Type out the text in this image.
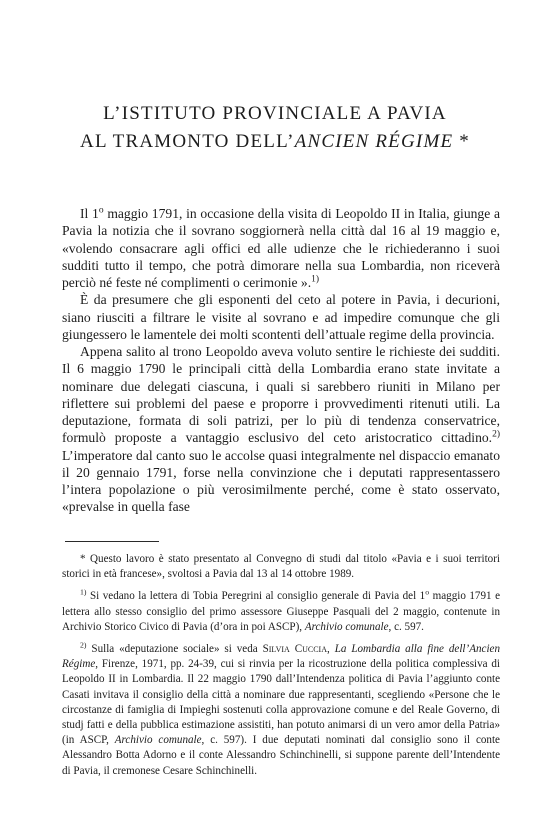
L’ISTITUTO PROVINCIALE A PAVIA
AL TRAMONTO DELL’ANCIEN RÉGIME *

Il 1$^o$ maggio 1791, in occasione della visita di Leopoldo II in Italia, giunge a Pavia la notizia che il sovrano soggiornerà nella città dal 16 al 19 maggio e, «volendo consacrare agli offici ed alle udienze che le richiederanno i suoi sudditi tutto il tempo, che potrà dimorare nella sua Lombardia, non riceverà perciò né feste né complimenti o cerimonie ».$^{1)}$

È da presumere che gli esponenti del ceto al potere in Pavia, i decurioni, siano riusciti a filtrare le visite al sovrano e ad impedire comunque che gli giungessero le lamentele dei molti scontenti dell’attuale regime della provincia.

Appena salito al trono Leopoldo aveva voluto sentire le richieste dei sudditi. Il 6 maggio 1790 le principali città della Lombardia erano state invitate a nominare due delegati ciascuna, i quali si sarebbero riuniti in Milano per riflettere sui problemi del paese e proporre i provvedimenti ritenuti utili. La deputazione, formata di soli patrizi, per lo più di tendenza conservatrice, formulò proposte a vantaggio esclusivo del ceto aristocratico cittadino.$^{2)}$ L’imperatore dal canto suo le accolse quasi integralmente nel dispaccio emanato il 20 gennaio 1791, forse nella convinzione che i deputati rappresentassero l’intera popolazione o più verosimilmente perché, come è stato osservato, «prevalse in quella fase

* Questo lavoro è stato presentato al Convegno di studi dal titolo «Pavia e i suoi territori storici in età francese», svoltosi a Pavia dal 13 al 14 ottobre 1989.

$^{1)}$ Si vedano la lettera di Tobia Peregrini al consiglio generale di Pavia del 1$^o$ maggio 1791 e lettera allo stesso consiglio del primo assessore Giuseppe Pasquali del 2 maggio, contenute in Archivio Storico Civico di Pavia (d’ora in poi ASCP), Archivio comunale, c. 597.

$^{2)}$ Sulla «deputazione sociale» si veda Silvia Cuccia, La Lombardia alla fine dell’Ancien Régime, Firenze, 1971, pp. 24-39, cui si rinvia per la ricostruzione della politica complessiva di Leopoldo II in Lombardia. Il 22 maggio 1790 dall’Intendenza politica di Pavia l’aggiunto conte Casati invitava il consiglio della città a nominare due rappresentanti, scegliendo «Persone che le circostanze di famiglia di Impieghi sostenuti colla approvazione comune e del Reale Governo, di studj fatti e della pubblica estimazione assistiti, han potuto animarsi di un vero amor della Patria» (in ASCP, Archivio comunale, c. 597). I due deputati nominati dal consiglio sono il conte Alessandro Botta Adorno e il conte Alessandro Schinchinelli, si suppone parente dell’Intendente di Pavia, il cremonese Cesare Schinchinelli.
